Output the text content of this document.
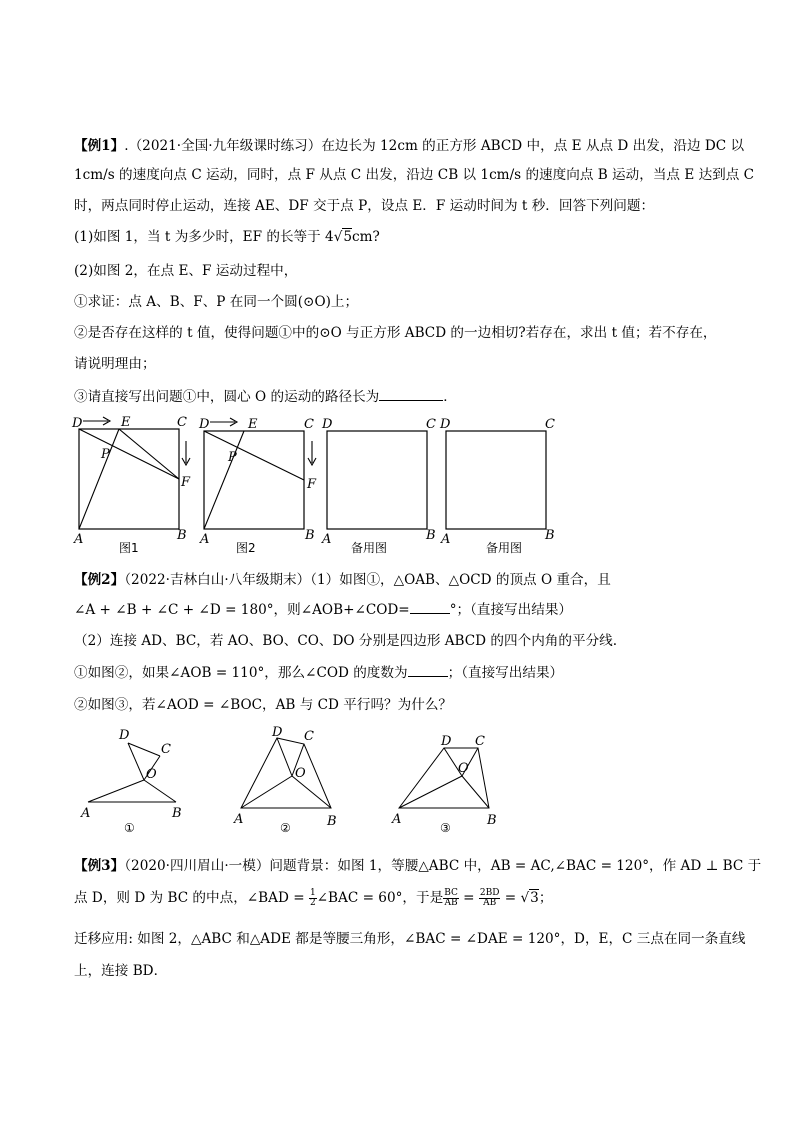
【例1】.（2021·全国·九年级课时练习）在边长为 12cm 的正方形 ABCD 中，点 E 从点 D 出发，沿边 DC 以
1cm/s 的速度向点 C 运动，同时，点 F 从点 C 出发，沿边 CB 以 1cm/s 的速度向点 B 运动，当点 E 达到点 C
时，两点同时停止运动，连接 AE、DF 交于点 P，设点 E．F 运动时间为 t 秒．回答下列问题：
(1)如图 1，当 t 为多少时，EF 的长等于 4√5cm?
(2)如图 2，在点 E、F 运动过程中，
①求证：点 A、B、F、P 在同一个圆(⊙O)上；
②是否存在这样的 t 值，使得问题①中的⊙O 与正方形 ABCD 的一边相切?若存在，求出 t 值；若不存在，
请说明理由；
③请直接写出问题①中，圆心 O 的运动的路径长为	．
D	E	C
F
P
A	B
图1
D	E	C
F
P
A	B
图2
D	C
A	B
备用图
D	C
A	B
备用图
【例2】（2022·吉林白山·八年级期末）（1）如图①，△OAB、△OCD 的顶点 O 重合，且
∠A + ∠B + ∠C + ∠D = 180°，则∠AOB+∠COD=	°；（直接写出结果）
（2）连接 AD、BC，若 AO、BO、CO、DO 分别是四边形 ABCD 的四个内角的平分线.
①如图②，如果∠AOB = 110°，那么∠COD 的度数为	；（直接写出结果）
②如图③，若∠AOD = ∠BOC，AB 与 CD 平行吗？为什么？
A	B
C
D
O
①
A	B
C
D
O
②
A	B
C
D
O
③
【例3】（2020·四川眉山·一模）问题背景：如图 1，等腰△ABC 中，AB = AC,∠BAC = 120°，作 AD ⊥ BC 于
点 D，则 D 为 BC 的中点，∠BAD = $\frac{1}{2}$ ∠BAC = 60°，于是 $\frac{BC}{AB} = \frac{2BD}{AB} = √3$；
迁移应用: 如图 2，△ABC 和△ADE 都是等腰三角形，∠BAC = ∠DAE = 120°，D，E，C 三点在同一条直线
上，连接 BD．
